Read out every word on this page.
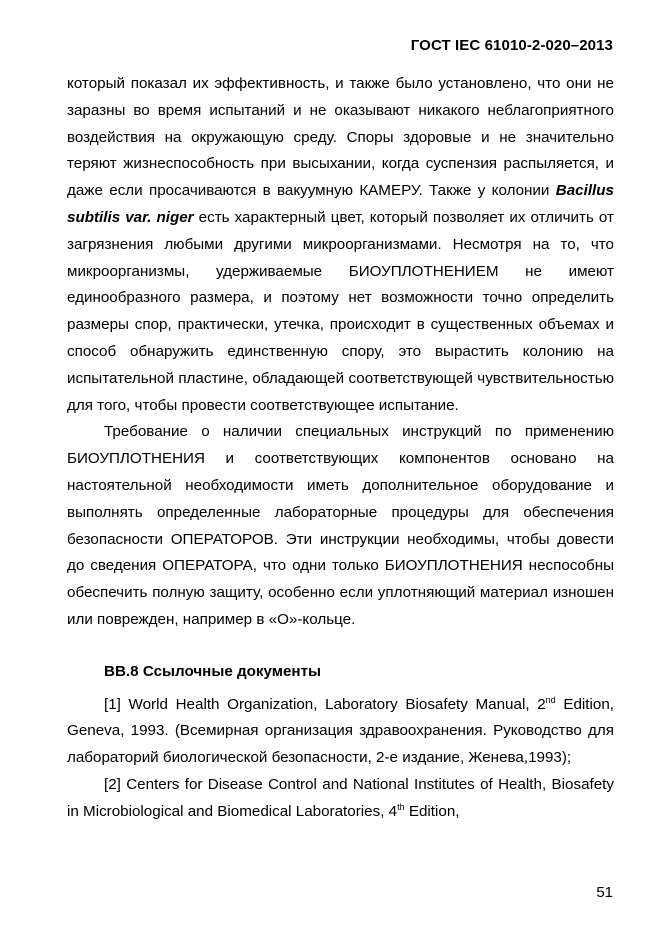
ГОСТ IEC 61010-2-020–2013

который показал их эффективность, и также было установлено, что они не заразны во время испытаний и не оказывают никакого неблагоприятного воздействия на окружающую среду. Споры здоровые и не значительно теряют жизнеспособность при высыхании, когда суспензия распыляется, и даже если просачиваются в вакуумную КАМЕРУ. Также у колонии Bacillus subtilis var. niger есть характерный цвет, который позволяет их отличить от загрязнения любыми другими микроорганизмами. Несмотря на то, что микроорганизмы, удерживаемые БИОУПЛОТНЕНИЕМ не имеют единообразного размера, и поэтому нет возможности точно определить размеры спор, практически, утечка, происходит в существенных объемах и способ обнаружить единственную спору, это вырастить колонию на испытательной пластине, обладающей соответствующей чувствительностью для того, чтобы провести соответствующее испытание.

Требование о наличии специальных инструкций по применению БИОУПЛОТНЕНИЯ и соответствующих компонентов основано на настоятельной необходимости иметь дополнительное оборудование и выполнять определенные лабораторные процедуры для обеспечения безопасности ОПЕРАТОРОВ. Эти инструкции необходимы, чтобы довести до сведения ОПЕРАТОРА, что одни только БИОУПЛОТНЕНИЯ неспособны обеспечить полную защиту, особенно если уплотняющий материал изношен или поврежден, например в «О»-кольце.

ВВ.8 Ссылочные документы

[1] World Health Organization, Laboratory Biosafety Manual, 2nd Edition, Geneva, 1993. (Всемирная организация здравоохранения. Руководство для лабораторий биологической безопасности, 2-е издание, Женева,1993);

[2] Centers for Disease Control and National Institutes of Health, Biosafety in Microbiological and Biomedical Laboratories, 4th Edition,

51
